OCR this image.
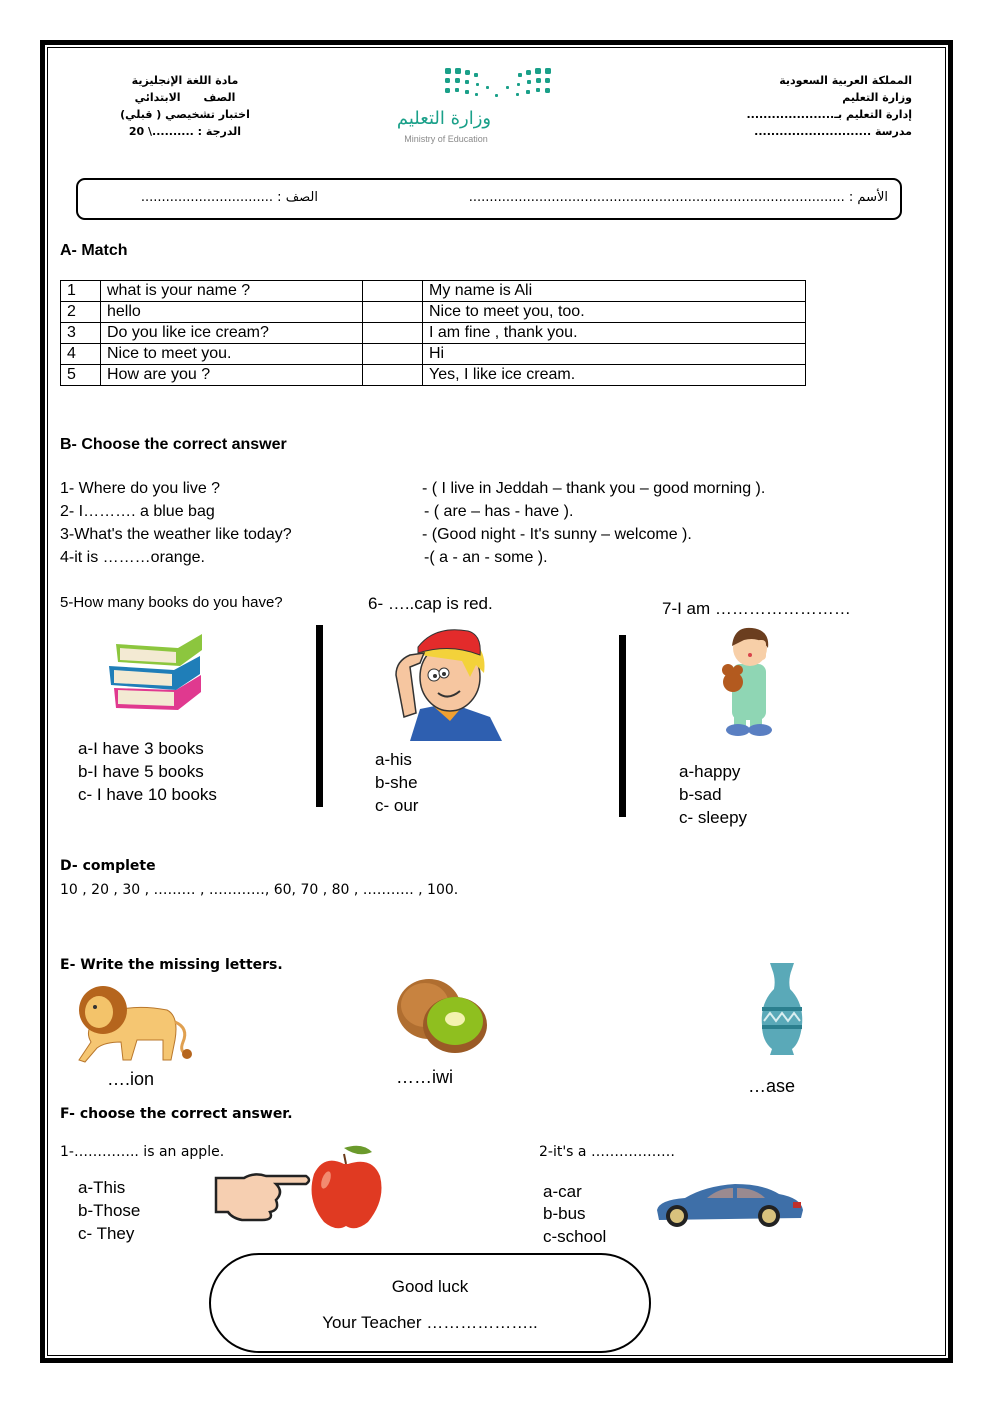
مادة اللغة الإنجليزية
الصف      الابتدائي
اختبار تشخيصي ( قبلي)
الدرجة : ..........\ 20
وزارة التعليم
Ministry of Education
المملكة العربية السعودية
وزارة التعليم
إدارة التعليم بـ.....................
مدرسة ............................
الأسم : ...........................................................................................
الصف : ................................
A- Match
1	what is your name ?		My name is Ali
2	hello		Nice to meet you, too.
3	Do you like ice cream?		I am fine , thank you.
4	Nice to meet you.		Hi
5	How are you ?		Yes, I like ice cream.
B- Choose the correct answer
1- Where do you live ?	- ( I live in Jeddah – thank you – good morning ).
2- I………. a blue bag	- ( are – has - have ).
3-What's the weather like today?	- (Good night - It's sunny – welcome ).
4-it is ………orange.	-( a - an - some ).
5-How many books do you have?
a-I have 3 books
b-I have 5 books
c- I have 10 books
6- …..cap is red.
a-his
b-she
c- our
7-I am ……………………
a-happy
b-sad
c- sleepy
D- complete
10 , 20 , 30 , ……… , …………, 60, 70 , 80 , ……….. , 100.
E- Write the missing letters.
….ion	……iwi	…ase
F- choose the correct answer.
1-………….. is an apple.
a-This
b-Those
c- They
2-it's a ………………
a-car
b-bus
c-school
Good luck
Your Teacher ………………..
